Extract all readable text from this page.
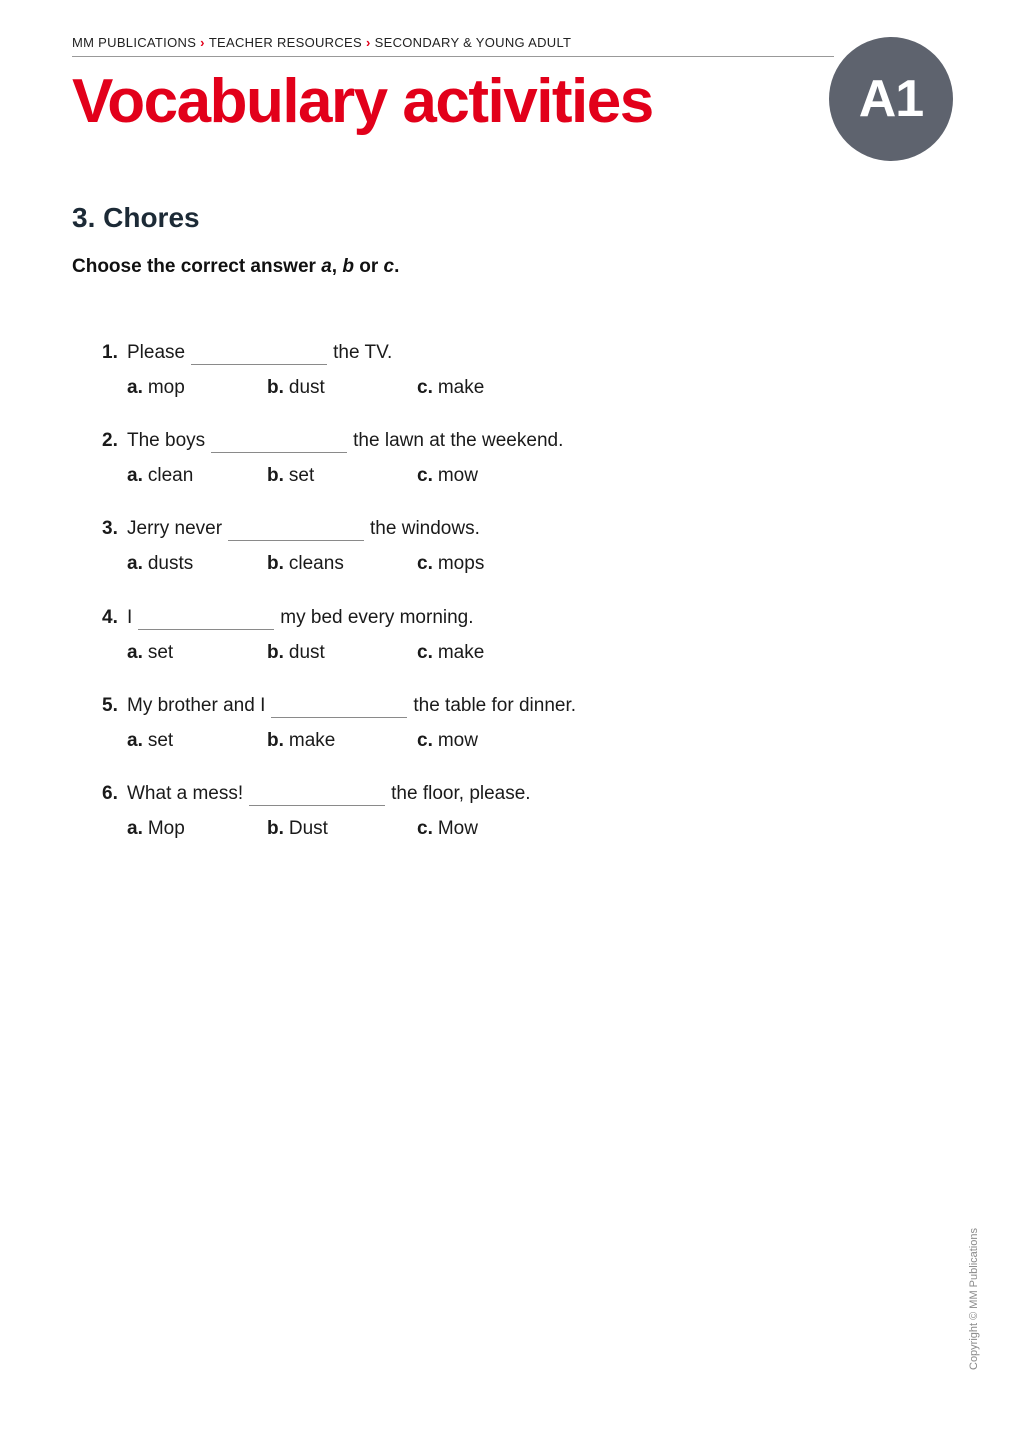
MM PUBLICATIONS › TEACHER RESOURCES › SECONDARY & YOUNG ADULT
Vocabulary activities	A1
3. Chores

Choose the correct answer a, b or c.

1. Please	the TV.
a. mop	b. dust	c. make
2. The boys	the lawn at the weekend.
a. clean	b. set	c. mow
3. Jerry never	the windows.
a. dusts	b. cleans	c. mops
4. I	my bed every morning.
a. set	b. dust	c. make
5. My brother and I	the table for dinner.
a. set	b. make	c. mow
6. What a mess!	the floor, please.
a. Mop	b. Dust	c. Mow
Copyright © MM Publications
